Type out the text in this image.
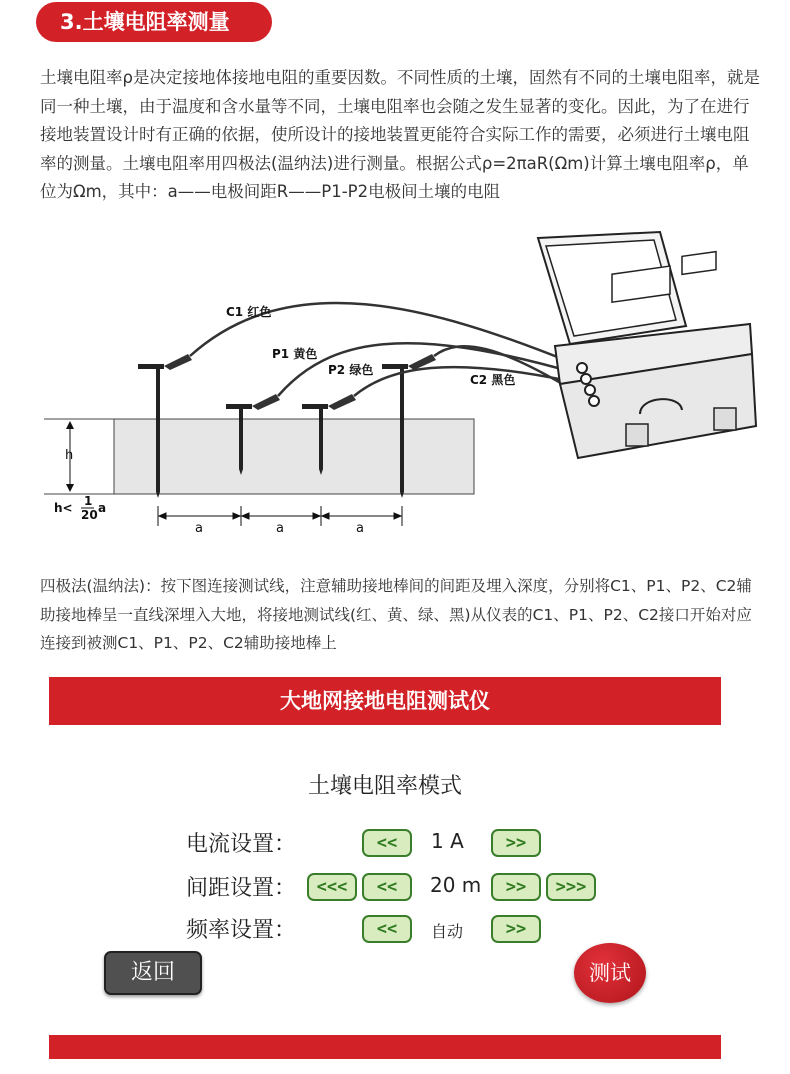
3.土壤电阻率测量

土壤电阻率ρ是决定接地体接地电阻的重要因数。不同性质的土壤，固然有不同的土壤电阻率，就是同一种土壤，由于温度和含水量等不同，土壤电阻率也会随之发生显著的变化。因此，为了在进行接地装置设计时有正确的依据，使所设计的接地装置更能符合实际工作的需要，必须进行土壤电阻率的测量。土壤电阻率用四极法(温纳法)进行测量。根据公式ρ=2πaR(Ωm)计算土壤电阻率ρ，单位为Ωm，其中：a——电极间距R——P1-P2电极间土壤的电阻

h
h< 1
20 a
C1 红色
P1 黄色
P2 绿色
C2 黑色
a	a	a

四极法(温纳法)：按下图连接测试线，注意辅助接地棒间的间距及埋入深度，分别将C1、P1、P2、C2辅助接地棒呈一直线深埋入大地，将接地测试线(红、黄、绿、黑)从仪表的C1、P1、P2、C2接口开始对应连接到被测C1、P1、P2、C2辅助接地棒上

大地网接地电阻测试仪
土壤电阻率模式
电流设置：	<<	1 A	>>
间距设置：	<<<	<<	20 m	>>	>>>
频率设置：	<<	自动	>>
返回	测试
